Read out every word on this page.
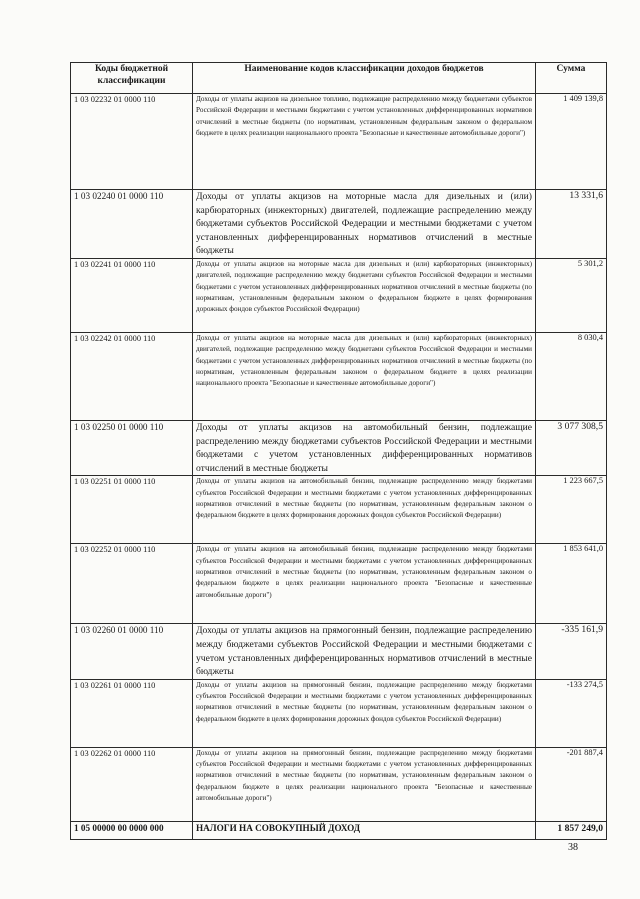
Коды бюджетной классификации	Наименование кодов классификации доходов бюджетов	Сумма
1 03 02232 01 0000 110	Доходы от уплаты акцизов на дизельное топливо, подлежащие распределению между бюджетами субъектов Российской Федерации и местными бюджетами с учетом установленных дифференцированных нормативов отчислений в местные бюджеты (по нормативам, установленным федеральным законом о федеральном бюджете в целях реализации национального проекта "Безопасные и качественные автомобильные дороги")	1 409 139,8
1 03 02240 01 0000 110	Доходы от уплаты акцизов на моторные масла для дизельных и (или) карбюраторных (инжекторных) двигателей, подлежащие распределению между бюджетами субъектов Российской Федерации и местными бюджетами с учетом установленных дифференцированных нормативов отчислений в местные бюджеты	13 331,6
1 03 02241 01 0000 110	Доходы от уплаты акцизов на моторные масла для дизельных и (или) карбюраторных (инжекторных) двигателей, подлежащие распределению между бюджетами субъектов Российской Федерации и местными бюджетами с учетом установленных дифференцированных нормативов отчислений в местные бюджеты (по нормативам, установленным федеральным законом о федеральном бюджете в целях формирования дорожных фондов субъектов Российской Федерации)	5 301,2
1 03 02242 01 0000 110	Доходы от уплаты акцизов на моторные масла для дизельных и (или) карбюраторных (инжекторных) двигателей, подлежащие распределению между бюджетами субъектов Российской Федерации и местными бюджетами с учетом установленных дифференцированных нормативов отчислений в местные бюджеты (по нормативам, установленным федеральным законом о федеральном бюджете в целях реализации национального проекта "Безопасные и качественные автомобильные дороги")	8 030,4
1 03 02250 01 0000 110	Доходы от уплаты акцизов на автомобильный бензин, подлежащие распределению между бюджетами субъектов Российской Федерации и местными бюджетами с учетом установленных дифференцированных нормативов отчислений в местные бюджеты	3 077 308,5
1 03 02251 01 0000 110	Доходы от уплаты акцизов на автомобильный бензин, подлежащие распределению между бюджетами субъектов Российской Федерации и местными бюджетами с учетом установленных дифференцированных нормативов отчислений в местные бюджеты (по нормативам, установленным федеральным законом о федеральном бюджете в целях формирования дорожных фондов субъектов Российской Федерации)	1 223 667,5
1 03 02252 01 0000 110	Доходы от уплаты акцизов на автомобильный бензин, подлежащие распределению между бюджетами субъектов Российской Федерации и местными бюджетами с учетом установленных дифференцированных нормативов отчислений в местные бюджеты (по нормативам, установленным федеральным законом о федеральном бюджете в целях реализации национального проекта "Безопасные и качественные автомобильные дороги")	1 853 641,0
1 03 02260 01 0000 110	Доходы от уплаты акцизов на прямогонный бензин, подлежащие распределению между бюджетами субъектов Российской Федерации и местными бюджетами с учетом установленных дифференцированных нормативов отчислений в местные бюджеты	-335 161,9
1 03 02261 01 0000 110	Доходы от уплаты акцизов на прямогонный бензин, подлежащие распределению между бюджетами субъектов Российской Федерации и местными бюджетами с учетом установленных дифференцированных нормативов отчислений в местные бюджеты (по нормативам, установленным федеральным законом о федеральном бюджете в целях формирования дорожных фондов субъектов Российской Федерации)	-133 274,5
1 03 02262 01 0000 110	Доходы от уплаты акцизов на прямогонный бензин, подлежащие распределению между бюджетами субъектов Российской Федерации и местными бюджетами с учетом установленных дифференцированных нормативов отчислений в местные бюджеты (по нормативам, установленным федеральным законом о федеральном бюджете в целях реализации национального проекта "Безопасные и качественные автомобильные дороги")	-201 887,4
1 05 00000 00 0000 000	НАЛОГИ НА СОВОКУПНЫЙ ДОХОД	1 857 249,0
38
